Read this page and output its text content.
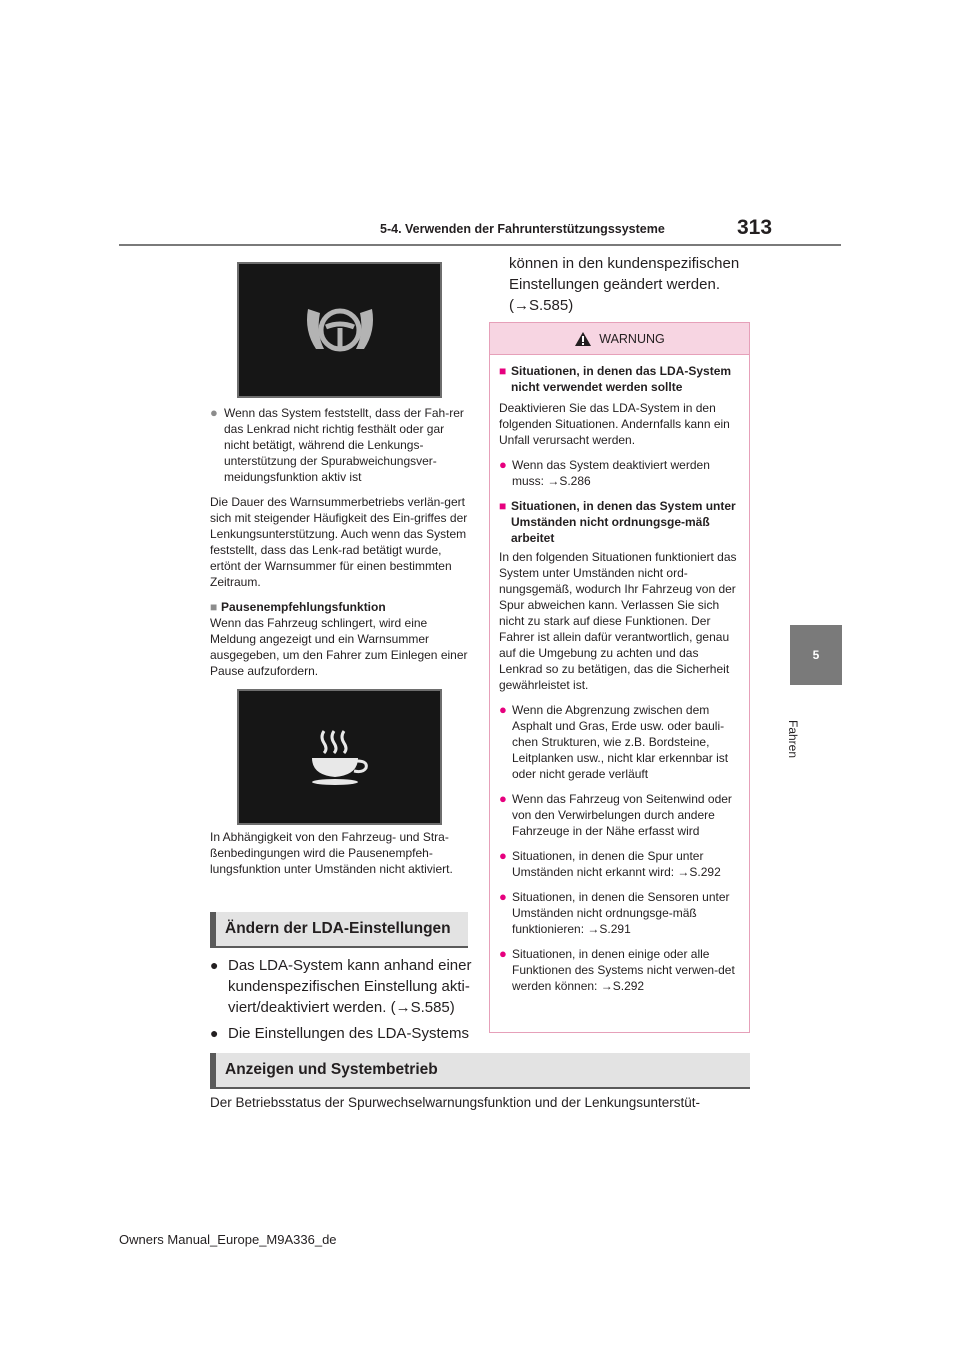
5-4. Verwenden der Fahrunterstützungssysteme	313
5
Fahren
● Wenn das System feststellt, dass der Fah-rer das Lenkrad nicht richtig festhält oder gar nicht betätigt, während die Lenkungs-unterstützung der Spurabweichungsver-meidungsfunktion aktiv ist
Die Dauer des Warnsummerbetriebs verlän-gert sich mit steigender Häufigkeit des Ein-griffes der Lenkungsunterstützung. Auch wenn das System feststellt, dass das Lenk-rad betätigt wurde, ertönt der Warnsummer für einen bestimmten Zeitraum.
■ Pausenempfehlungsfunktion
Wenn das Fahrzeug schlingert, wird eine Meldung angezeigt und ein Warnsummer ausgegeben, um den Fahrer zum Einlegen einer Pause aufzufordern.
In Abhängigkeit von den Fahrzeug- und Stra-ßenbedingungen wird die Pausenempfeh-lungsfunktion unter Umständen nicht aktiviert.
Ändern der LDA-Einstellungen
● Das LDA-System kann anhand einer kundenspezifischen Einstellung akti-viert/deaktiviert werden. (→S.585)
● Die Einstellungen des LDA-Systems
können in den kundenspezifischen Einstellungen geändert werden. (→S.585)
WARNUNG
■ Situationen, in denen das LDA-System nicht verwendet werden sollte
Deaktivieren Sie das LDA-System in den folgenden Situationen. Andernfalls kann ein Unfall verursacht werden.
● Wenn das System deaktiviert werden muss: →S.286
■ Situationen, in denen das System unter Umständen nicht ordnungsge-mäß arbeitet
In den folgenden Situationen funktioniert das System unter Umständen nicht ord-nungsgemäß, wodurch Ihr Fahrzeug von der Spur abweichen kann. Verlassen Sie sich nicht zu stark auf diese Funktionen. Der Fahrer ist allein dafür verantwortlich, genau auf die Umgebung zu achten und das Lenkrad so zu betätigen, das die Sicherheit gewährleistet ist.
● Wenn die Abgrenzung zwischen dem Asphalt und Gras, Erde usw. oder bauli-chen Strukturen, wie z.B. Bordsteine, Leitplanken usw., nicht klar erkennbar ist oder nicht gerade verläuft
● Wenn das Fahrzeug von Seitenwind oder von den Verwirbelungen durch andere Fahrzeuge in der Nähe erfasst wird
● Situationen, in denen die Spur unter Umständen nicht erkannt wird: →S.292
● Situationen, in denen die Sensoren unter Umständen nicht ordnungsge-mäß funktionieren: →S.291
● Situationen, in denen einige oder alle Funktionen des Systems nicht verwen-det werden können: →S.292
Anzeigen und Systembetrieb
Der Betriebsstatus der Spurwechselwarnungsfunktion und der Lenkungsunterstüt-
Owners Manual_Europe_M9A336_de
